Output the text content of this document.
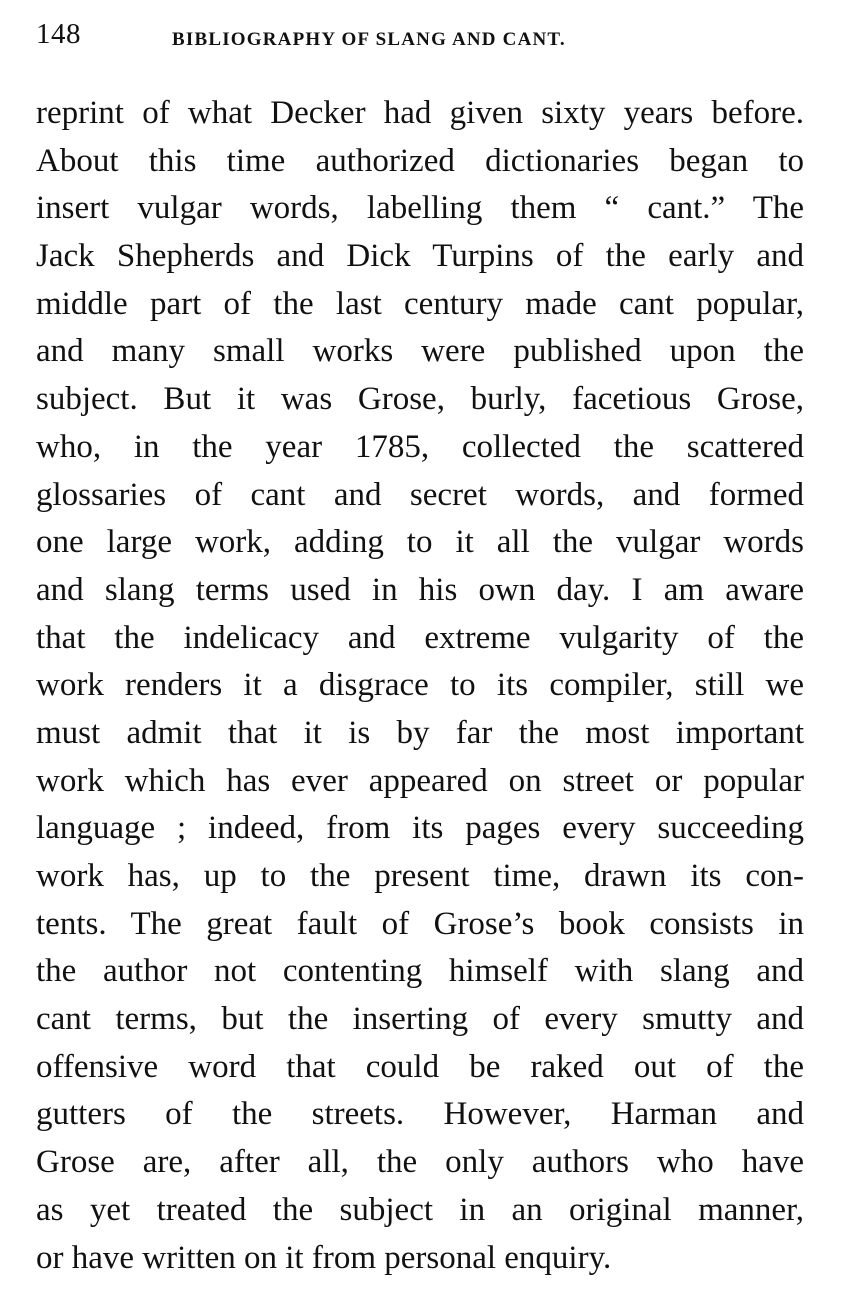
148	BIBLIOGRAPHY OF SLANG AND CANT.
reprint of what Decker had given sixty years before.
About this time authorized dictionaries began to
insert vulgar words, labelling them “ cant.” The
Jack Shepherds and Dick Turpins of the early and
middle part of the last century made cant popular,
and many small works were published upon the
subject. But it was Grose, burly, facetious Grose,
who, in the year 1785, collected the scattered
glossaries of cant and secret words, and formed
one large work, adding to it all the vulgar words
and slang terms used in his own day. I am aware
that the indelicacy and extreme vulgarity of the
work renders it a disgrace to its compiler, still we
must admit that it is by far the most important
work which has ever appeared on street or popular
language ; indeed, from its pages every succeeding
work has, up to the present time, drawn its con-
tents. The great fault of Grose’s book consists in
the author not contenting himself with slang and
cant terms, but the inserting of every smutty and
offensive word that could be raked out of the
gutters of the streets. However, Harman and
Grose are, after all, the only authors who have
as yet treated the subject in an original manner,
or have written on it from personal enquiry.
